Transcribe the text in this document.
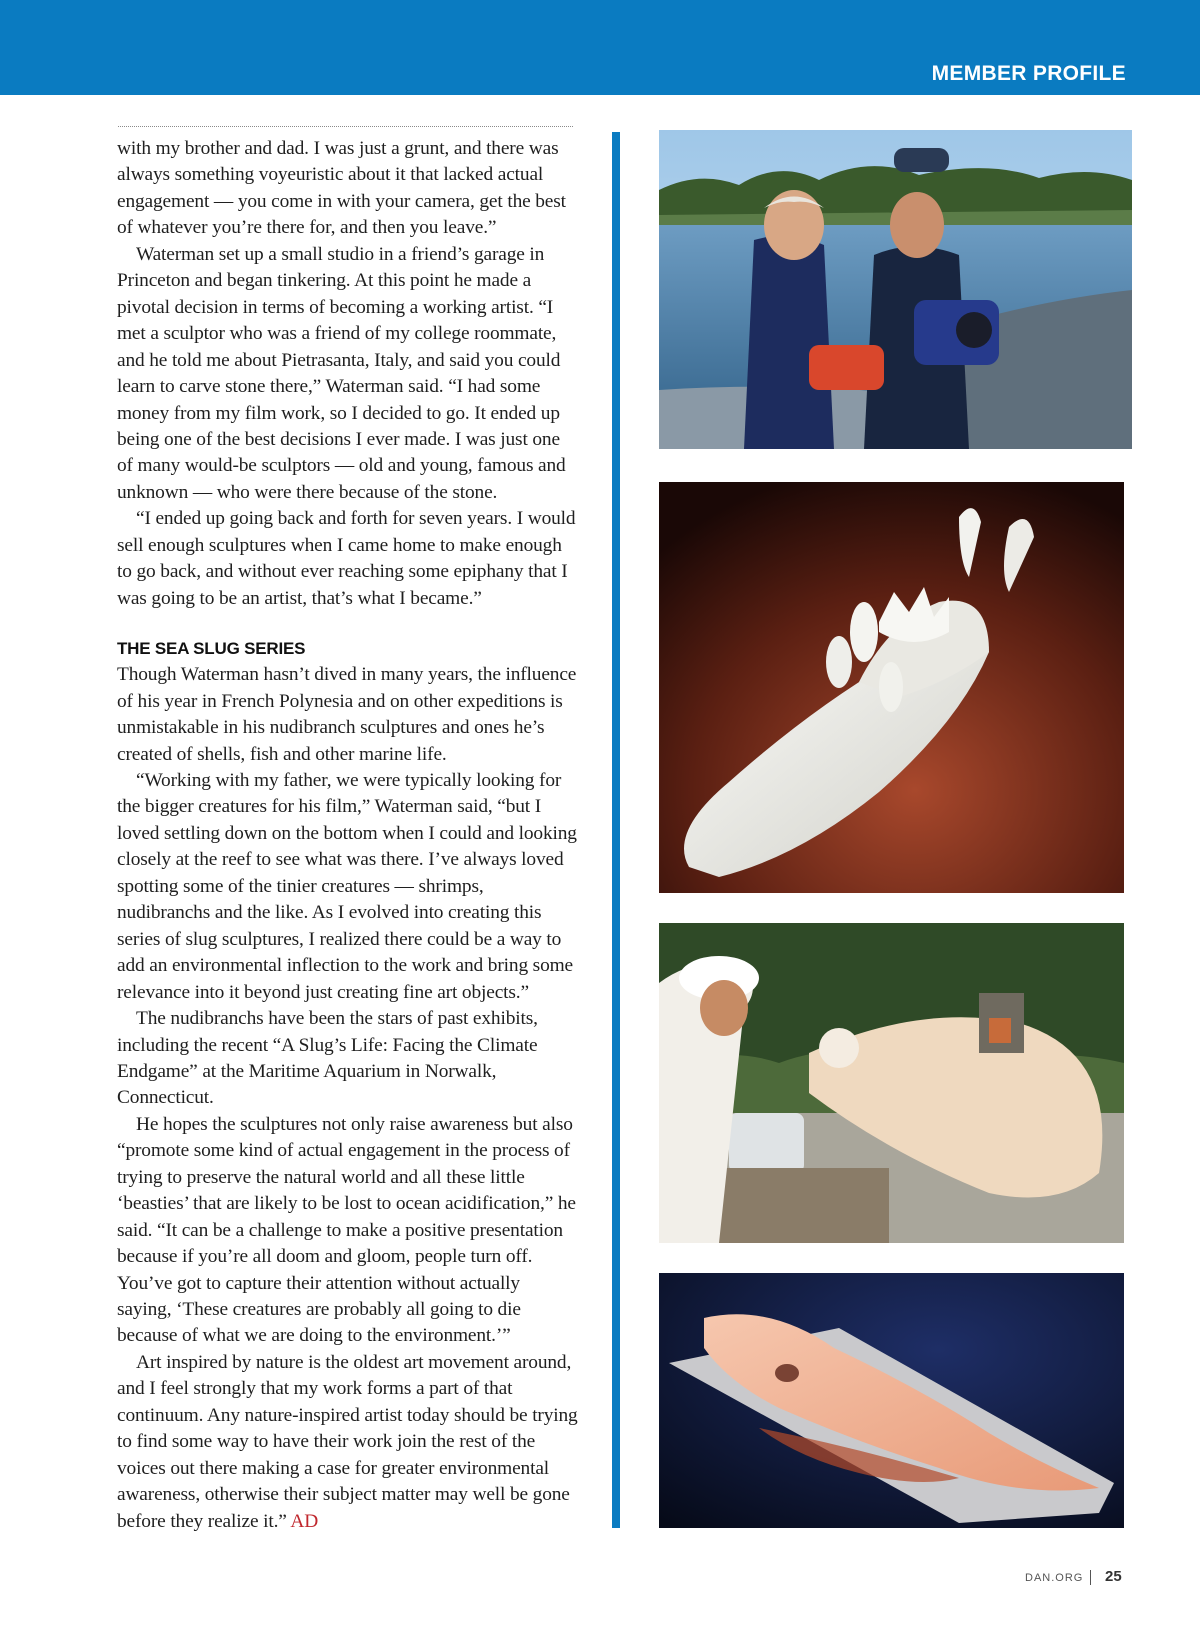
MEMBER PROFILE

with my brother and dad. I was just a grunt, and there was always something voyeuristic about it that lacked actual engagement — you come in with your camera, get the best of whatever you’re there for, and then you leave.”

Waterman set up a small studio in a friend’s garage in Princeton and began tinkering. At this point he made a pivotal decision in terms of becoming a working artist. “I met a sculptor who was a friend of my college roommate, and he told me about Pietrasanta, Italy, and said you could learn to carve stone there,” Waterman said. “I had some money from my film work, so I decided to go. It ended up being one of the best decisions I ever made. I was just one of many would-be sculptors — old and young, famous and unknown — who were there because of the stone.

“I ended up going back and forth for seven years. I would sell enough sculptures when I came home to make enough to go back, and without ever reaching some epiphany that I was going to be an artist, that’s what I became.”

THE SEA SLUG SERIES

Though Waterman hasn’t dived in many years, the influence of his year in French Polynesia and on other expeditions is unmistakable in his nudibranch sculptures and ones he’s created of shells, fish and other marine life.

“Working with my father, we were typically looking for the bigger creatures for his film,” Waterman said, “but I loved settling down on the bottom when I could and looking closely at the reef to see what was there. I’ve always loved spotting some of the tinier creatures — shrimps, nudibranchs and the like. As I evolved into creating this series of slug sculptures, I realized there could be a way to add an environmental inflection to the work and bring some relevance into it beyond just creating fine art objects.”

The nudibranchs have been the stars of past exhibits, including the recent “A Slug’s Life: Facing the Climate Endgame” at the Maritime Aquarium in Norwalk, Connecticut.

He hopes the sculptures not only raise awareness but also “promote some kind of actual engagement in the process of trying to preserve the natural world and all these little ‘beasties’ that are likely to be lost to ocean acidification,” he said. “It can be a challenge to make a positive presentation because if you’re all doom and gloom, people turn off. You’ve got to capture their attention without actually saying, ‘These creatures are probably all going to die because of what we are doing to the environment.’”

Art inspired by nature is the oldest art movement around, and I feel strongly that my work forms a part of that continuum. Any nature-inspired artist today should be trying to find some way to have their work join the rest of the voices out there making a case for greater environmental awareness, otherwise their subject matter may well be gone before they realize it.” AD

DAN.ORG 25
